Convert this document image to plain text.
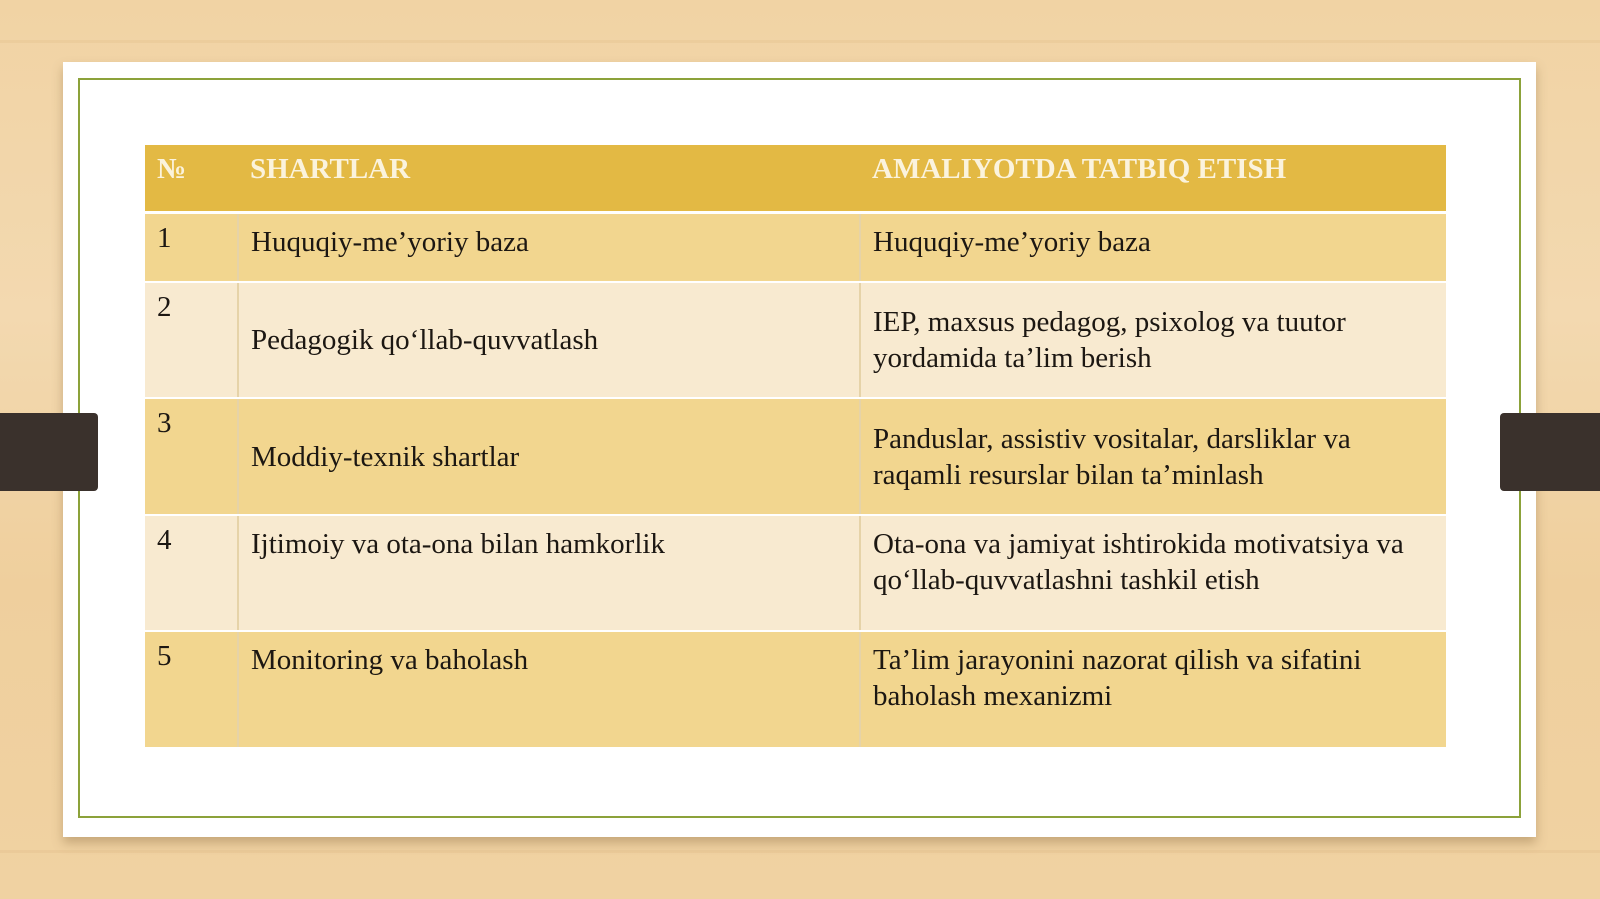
№	SHARTLAR	AMALIYOTDA TATBIQ ETISH
1	Huquqiy-me’yoriy baza	Huquqiy-me’yoriy baza

2	Pedagogik qo‘llab-quvvatlash	IEP, maxsus pedagog, psixolog va tuutor yordamida ta’lim berish

3	Moddiy-texnik shartlar	Panduslar, assistiv vositalar, darsliklar va raqamli resurslar bilan ta’minlash

4	Ijtimoiy va ota-ona bilan hamkorlik	Ota-ona va jamiyat ishtirokida motivatsiya va qo‘llab-quvvatlashni tashkil etish

5	Monitoring va baholash	Ta’lim jarayonini nazorat qilish va sifatini baholash mexanizmi
